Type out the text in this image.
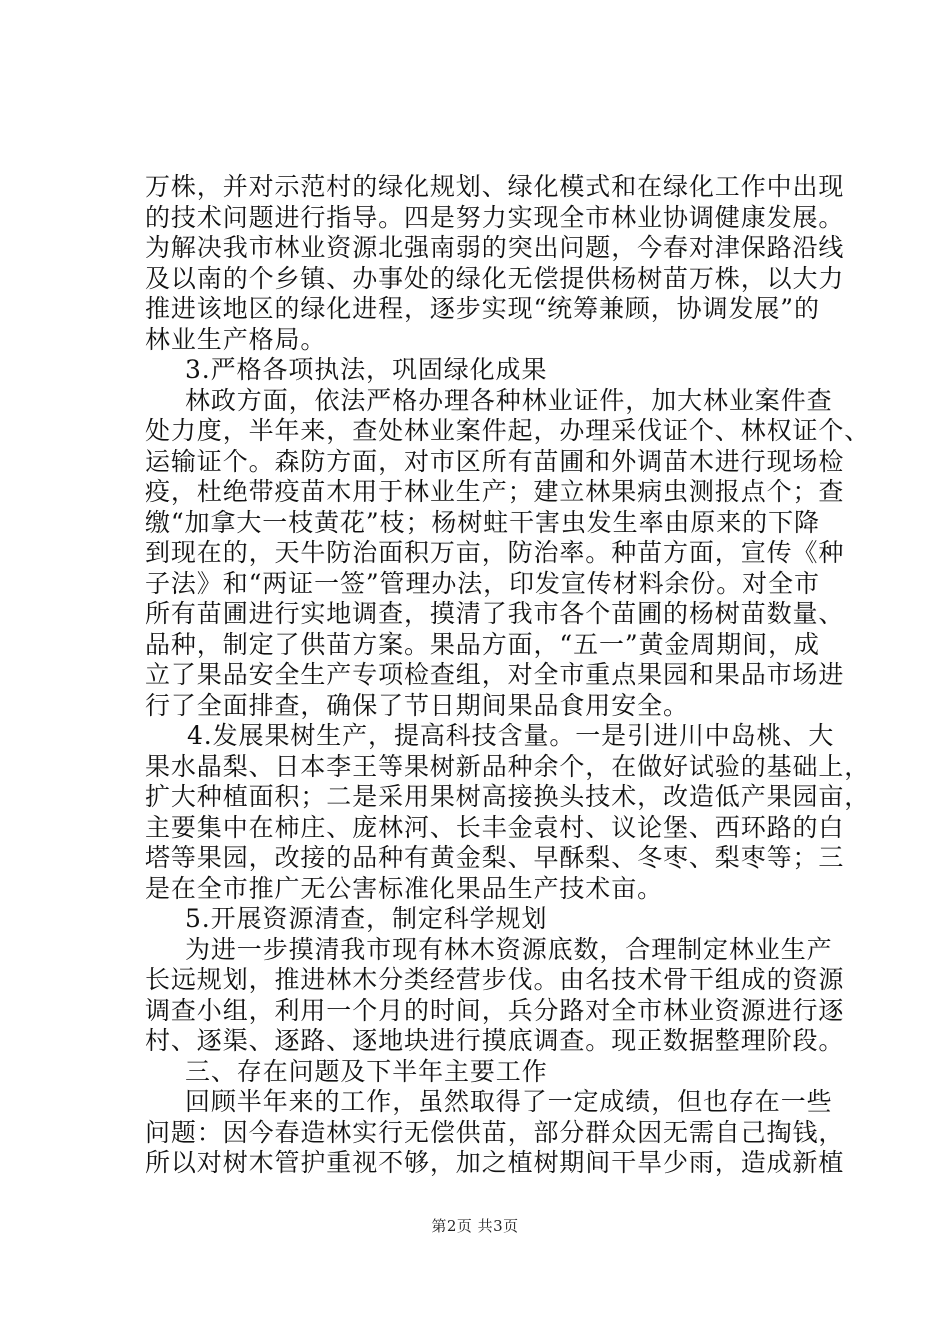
万株，并对示范村的绿化规划、绿化模式和在绿化工作中出现
的技术问题进行指导。四是努力实现全市林业协调健康发展。
为解决我市林业资源北强南弱的突出问题，今春对津保路沿线
及以南的个乡镇、办事处的绿化无偿提供杨树苗万株，以大力
推进该地区的绿化进程，逐步实现“统筹兼顾，协调发展”的
林业生产格局。
3.严格各项执法，巩固绿化成果
林政方面，依法严格办理各种林业证件，加大林业案件查
处力度，半年来，查处林业案件起，办理采伐证个、林权证个、
运输证个。森防方面，对市区所有苗圃和外调苗木进行现场检
疫，杜绝带疫苗木用于林业生产；建立林果病虫测报点个；查
缴“加拿大一枝黄花”枝；杨树蛀干害虫发生率由原来的下降
到现在的，天牛防治面积万亩，防治率。种苗方面，宣传《种
子法》和“两证一签”管理办法，印发宣传材料余份。对全市
所有苗圃进行实地调查，摸清了我市各个苗圃的杨树苗数量、
品种，制定了供苗方案。果品方面，“五一”黄金周期间，成
立了果品安全生产专项检查组，对全市重点果园和果品市场进
行了全面排查，确保了节日期间果品食用安全。
4.发展果树生产，提高科技含量。一是引进川中岛桃、大
果水晶梨、日本李王等果树新品种余个，在做好试验的基础上，
扩大种植面积；二是采用果树高接换头技术，改造低产果园亩，
主要集中在柿庄、庞林河、长丰金袁村、议论堡、西环路的白
塔等果园，改接的品种有黄金梨、早酥梨、冬枣、梨枣等；三
是在全市推广无公害标准化果品生产技术亩。
5.开展资源清查，制定科学规划
为进一步摸清我市现有林木资源底数，合理制定林业生产
长远规划，推进林木分类经营步伐。由名技术骨干组成的资源
调查小组，利用一个月的时间，兵分路对全市林业资源进行逐
村、逐渠、逐路、逐地块进行摸底调查。现正数据整理阶段。
三、存在问题及下半年主要工作
回顾半年来的工作，虽然取得了一定成绩，但也存在一些
问题：因今春造林实行无偿供苗，部分群众因无需自己掏钱，
所以对树木管护重视不够，加之植树期间干旱少雨，造成新植
第2页 共3页
